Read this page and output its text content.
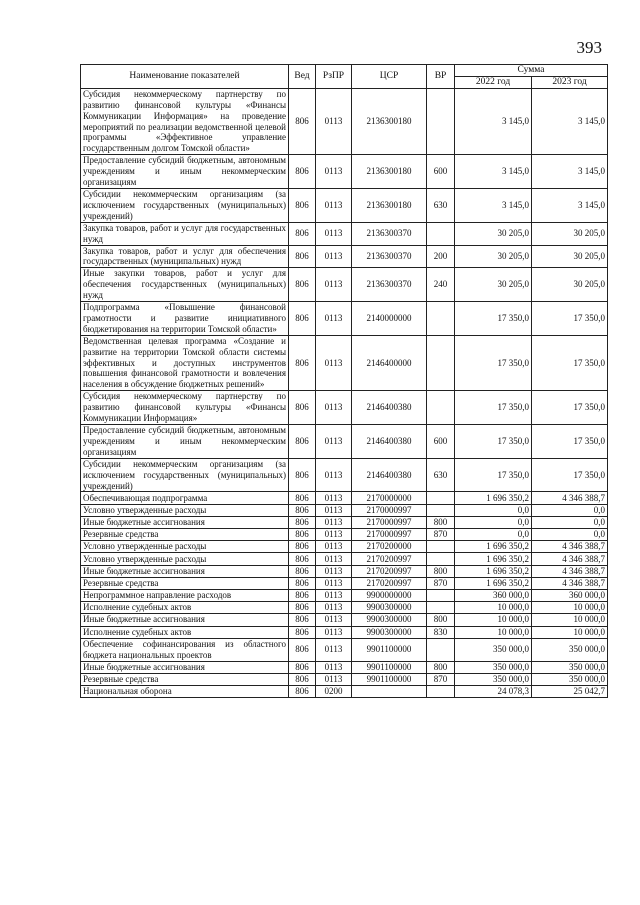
393
Наименование показателей	Вед	РзПР	ЦСР	ВР	Сумма	
					2022 год	2023 год
Субсидия некоммерческому партнерству по развитию финансовой культуры «Финансы Коммуникации Информация» на проведение мероприятий по реализации ведомственной целевой программы «Эффективное управление государственным долгом Томской области»	806	0113	2136300180		3 145,0	3 145,0
Предоставление субсидий бюджетным, автономным учреждениям и иным некоммерческим организациям	806	0113	2136300180	600	3 145,0	3 145,0
Субсидии некоммерческим организациям (за исключением государственных (муниципальных) учреждений)	806	0113	2136300180	630	3 145,0	3 145,0
Закупка товаров, работ и услуг для государственных нужд	806	0113	2136300370		30 205,0	30 205,0
Закупка товаров, работ и услуг для обеспечения государственных (муниципальных) нужд	806	0113	2136300370	200	30 205,0	30 205,0
Иные закупки товаров, работ и услуг для обеспечения государственных (муниципальных) нужд	806	0113	2136300370	240	30 205,0	30 205,0
Подпрограмма «Повышение финансовой грамотности и развитие инициативного бюджетирования на территории Томской области»	806	0113	2140000000		17 350,0	17 350,0
Ведомственная целевая программа «Создание и развитие на территории Томской области системы эффективных и доступных инструментов повышения финансовой грамотности и вовлечения населения в обсуждение бюджетных решений»	806	0113	2146400000		17 350,0	17 350,0
Субсидия некоммерческому партнерству по развитию финансовой культуры «Финансы Коммуникации Информация»	806	0113	2146400380		17 350,0	17 350,0
Предоставление субсидий бюджетным, автономным учреждениям и иным некоммерческим организациям	806	0113	2146400380	600	17 350,0	17 350,0
Субсидии некоммерческим организациям (за исключением государственных (муниципальных) учреждений)	806	0113	2146400380	630	17 350,0	17 350,0
Обеспечивающая подпрограмма	806	0113	2170000000		1 696 350,2	4 346 388,7
Условно утвержденные расходы	806	0113	2170000997		0,0	0,0
Иные бюджетные ассигнования	806	0113	2170000997	800	0,0	0,0
Резервные средства	806	0113	2170000997	870	0,0	0,0
Условно утвержденные расходы	806	0113	2170200000		1 696 350,2	4 346 388,7
Условно утвержденные расходы	806	0113	2170200997		1 696 350,2	4 346 388,7
Иные бюджетные ассигнования	806	0113	2170200997	800	1 696 350,2	4 346 388,7
Резервные средства	806	0113	2170200997	870	1 696 350,2	4 346 388,7
Непрограммное направление расходов	806	0113	9900000000		360 000,0	360 000,0
Исполнение судебных актов	806	0113	9900300000		10 000,0	10 000,0
Иные бюджетные ассигнования	806	0113	9900300000	800	10 000,0	10 000,0
Исполнение судебных актов	806	0113	9900300000	830	10 000,0	10 000,0
Обеспечение софинансирования из областного бюджета национальных проектов	806	0113	9901100000		350 000,0	350 000,0
Иные бюджетные ассигнования	806	0113	9901100000	800	350 000,0	350 000,0
Резервные средства	806	0113	9901100000	870	350 000,0	350 000,0
Национальная оборона	806	0200			24 078,3	25 042,7
